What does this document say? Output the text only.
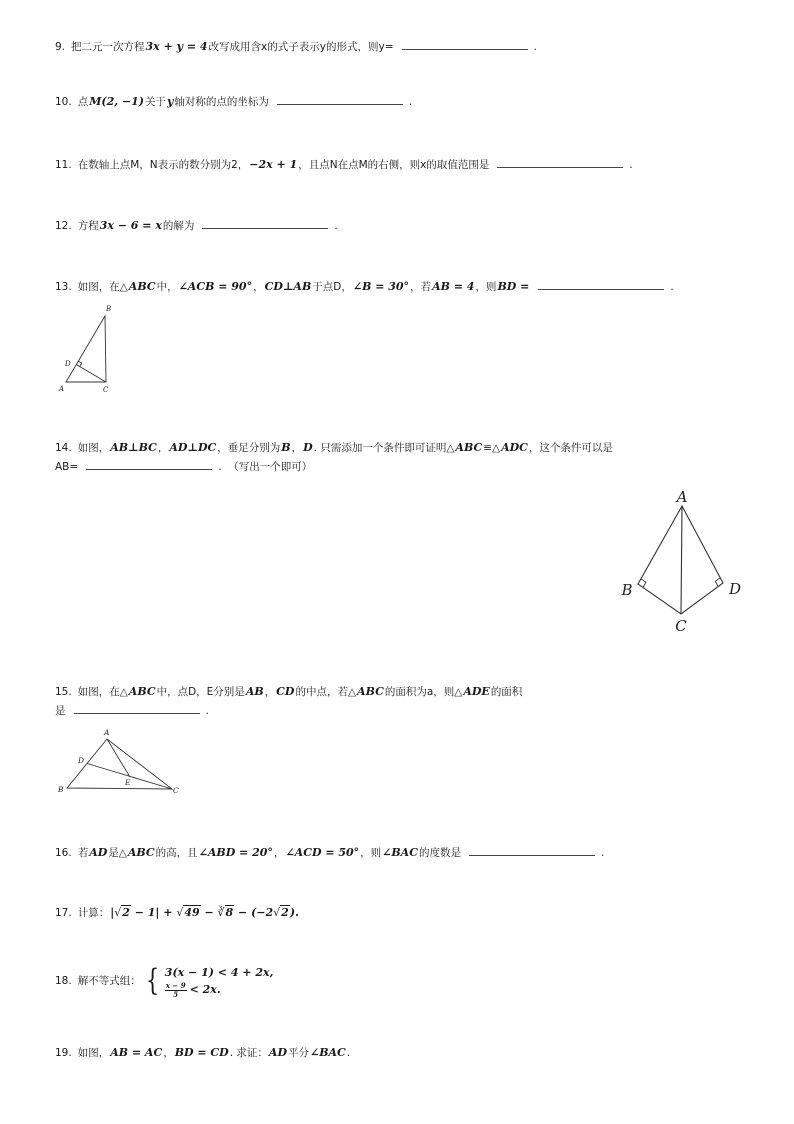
9. 把二元一次方程3x + y = 4改写成用含x的式子表示y的形式，则y=	.
10. 点M(2, −1)关于y轴对称的点的坐标为	.
11. 在数轴上点M，N表示的数分别为2，−2x + 1，且点N在点M的右侧，则x的取值范围是	.
12. 方程3x − 6 = x的解为	.
13. 如图，在△ABC中，∠ACB = 90°，CD⊥AB于点D，∠B = 30°，若AB = 4，则BD =	.
B
D
A	C
14. 如图，AB⊥BC，AD⊥DC，垂足分别为B，D. 只需添加一个条件即可证明△ABC≌△ADC，这个条件可以是
AB=	. （写出一个即可）
A
B
C
D
15. 如图，在△ABC中，点D，E分别是AB，CD的中点，若△ABC的面积为a，则△ADE的面积
是	.
A
D
E
B	C
16. 若AD是△ABC的高，且∠ABD = 20°，∠ACD = 50°，则∠BAC的度数是	.
17. 计算：|√2 − 1| + √49 − ∛8 − (−2√2).
18. 解不等式组： { 3(x − 1) < 4 + 2x,
$\frac{x - 9}{5} < 2x$.
19. 如图，AB = AC，BD = CD. 求证：AD平分∠BAC.
